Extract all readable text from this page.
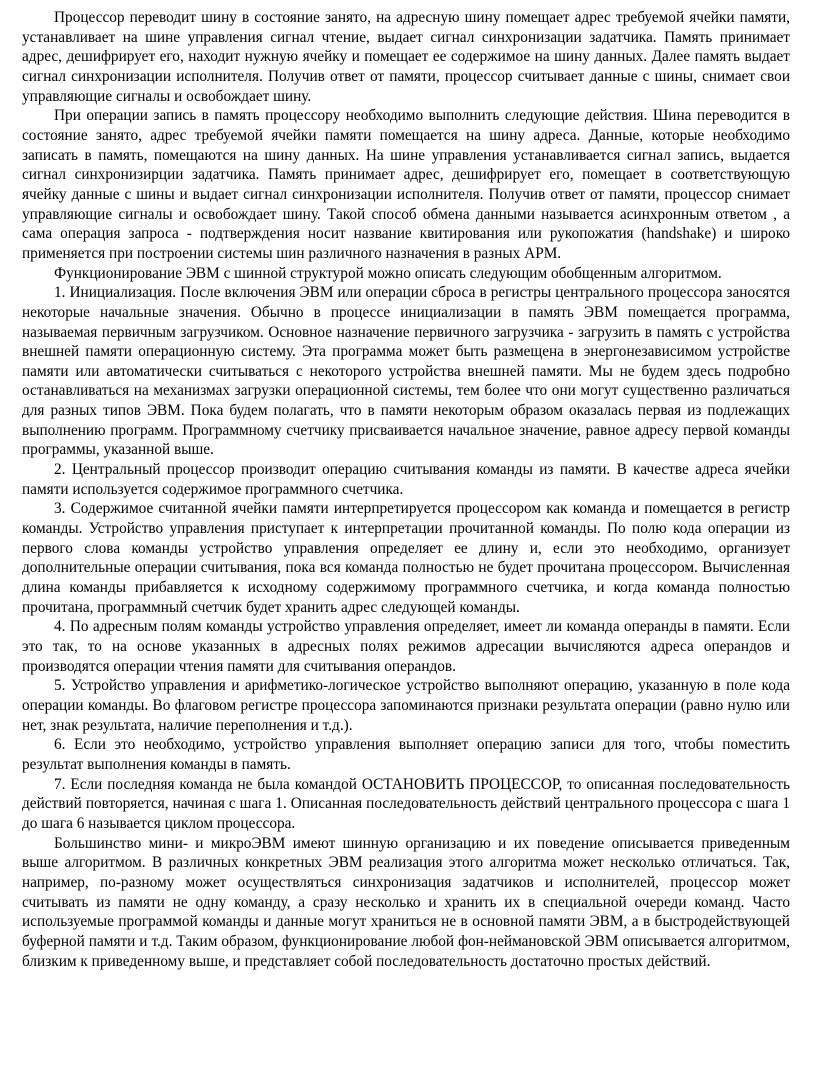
Процессор переводит шину в состояние занято, на адресную шину помещает адрес требуемой ячейки памяти, устанавливает на шине управления сигнал чтение, выдает сигнал синхронизации задатчика. Память принимает адрес, дешифрирует его, находит нужную ячейку и помещает ее содержимое на шину данных. Далее память выдает сигнал синхронизации исполнителя. Получив ответ от памяти, процессор считывает данные с шины, снимает свои управляющие сигналы и освобождает шину.

При операции запись в память процессору необходимо выполнить следующие действия. Шина переводится в состояние занято, адрес требуемой ячейки памяти помещается на шину адреса. Данные, которые необходимо записать в память, помещаются на шину данных. На шине управления устанавливается сигнал запись, выдается сигнал синхронизирции задатчика. Память принимает адрес, дешифрирует его, помещает в соответствующую ячейку данные с шины и выдает сигнал синхронизации исполнителя. Получив ответ от памяти, процессор снимает управляющие сигналы и освобождает шину. Такой способ обмена данными называется асинхронным ответом , а сама операция запроса - подтверждения носит название квитирования или рукопожатия (handshake) и широко применяется при построении системы шин различного назначения в разных АРМ.

Функционирование ЭВМ с шинной структурой можно описать следующим обобщенным алгоритмом.

1. Инициализация. После включения ЭВМ или операции сброса в регистры центрального процессора заносятся некоторые начальные значения. Обычно в процессе инициализации в память ЭВМ помещается программа, называемая первичным загрузчиком. Основное назначение первичного загрузчика - загрузить в память с устройства внешней памяти операционную систему. Эта программа может быть размещена в энергонезависимом устройстве памяти или автоматически считываться с некоторого устройства внешней памяти. Мы не будем здесь подробно останавливаться на механизмах загрузки операционной системы, тем более что они могут существенно различаться для разных типов ЭВМ. Пока будем полагать, что в памяти некоторым образом оказалась первая из подлежащих выполнению программ. Программному счетчику присваивается начальное значение, равное адресу первой команды программы, указанной выше.

2. Центральный процессор производит операцию считывания команды из памяти. В качестве адреса ячейки памяти используется содержимое программного счетчика.

3. Содержимое считанной ячейки памяти интерпретируется процессором как команда и помещается в регистр команды. Устройство управления приступает к интерпретации прочитанной команды. По полю кода операции из первого слова команды устройство управления определяет ее длину и, если это необходимо, организует дополнительные операции считывания, пока вся команда полностью не будет прочитана процессором. Вычисленная длина команды прибавляется к исходному содержимому программного счетчика, и когда команда полностью прочитана, программный счетчик будет хранить адрес следующей команды.

4. По адресным полям команды устройство управления определяет, имеет ли команда операнды в памяти. Если это так, то на основе указанных в адресных полях режимов адресации вычисляются адреса операндов и производятся операции чтения памяти для считывания операндов.

5. Устройство управления и арифметико-логическое устройство выполняют операцию, указанную в поле кода операции команды. Во флаговом регистре процессора запоминаются признаки результата операции (равно нулю или нет, знак результата, наличие переполнения и т.д.).

6. Если это необходимо, устройство управления выполняет операцию записи для того, чтобы поместить результат выполнения команды в память.

7. Если последняя команда не была командой ОСТАНОВИТЬ ПРОЦЕССОР, то описанная последовательность действий повторяется, начиная с шага 1. Описанная последовательность действий центрального процессора с шага 1 до шага 6 называется циклом процессора.

Большинство мини- и микроЭВМ имеют шинную организацию и их поведение описывается приведенным выше алгоритмом. В различных конкретных ЭВМ реализация этого алгоритма может несколько отличаться. Так, например, по-разному может осуществляться синхронизация задатчиков и исполнителей, процессор может считывать из памяти не одну команду, а сразу несколько и хранить их в специальной очереди команд. Часто используемые программой команды и данные могут храниться не в основной памяти ЭВМ, а в быстродействующей буферной памяти и т.д. Таким образом, функционирование любой фон-неймановской ЭВМ описывается алгоритмом, близким к приведенному выше, и представляет собой последовательность достаточно простых действий.
